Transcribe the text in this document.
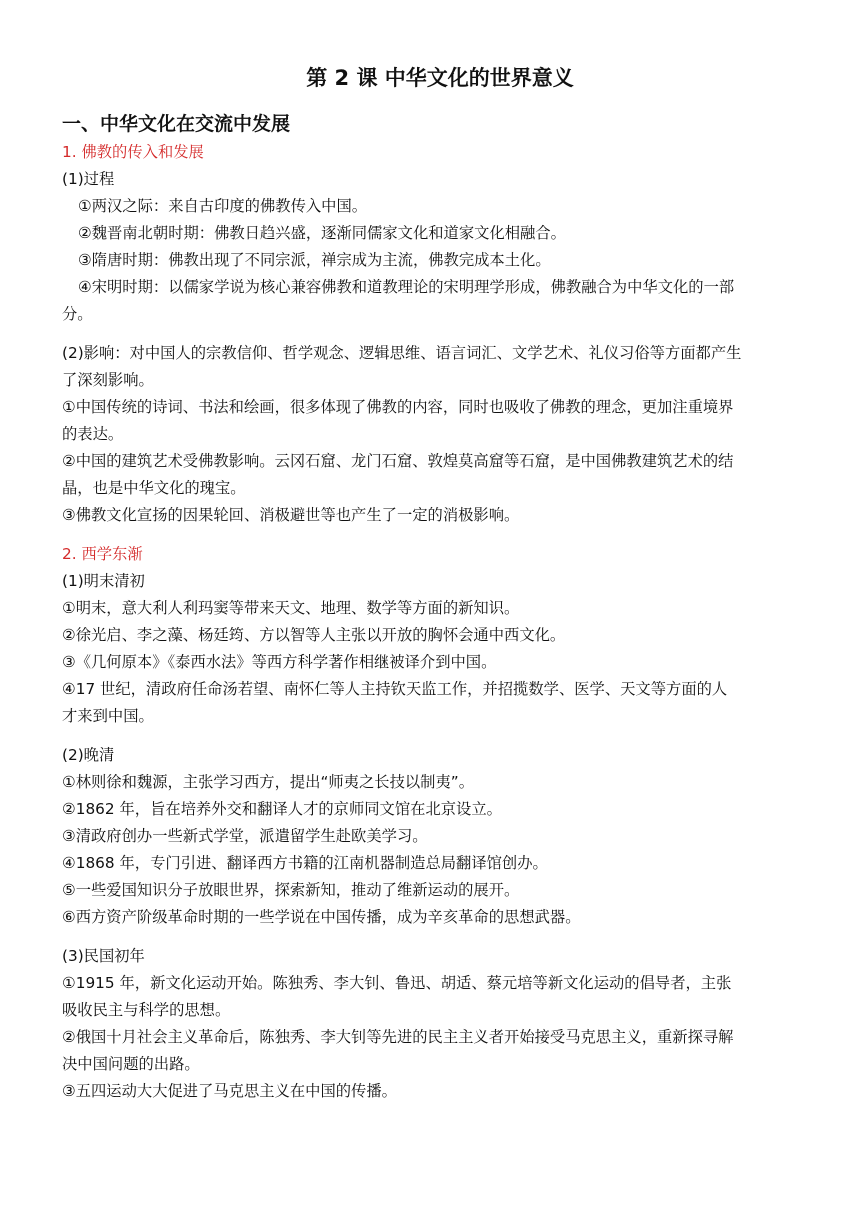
第 2 课 中华文化的世界意义
一、中华文化在交流中发展

1. 佛教的传入和发展

(1)过程

①两汉之际：来自古印度的佛教传入中国。

②魏晋南北朝时期：佛教日趋兴盛，逐渐同儒家文化和道家文化相融合。

③隋唐时期：佛教出现了不同宗派，禅宗成为主流，佛教完成本土化。

④宋明时期：以儒家学说为核心兼容佛教和道教理论的宋明理学形成，佛教融合为中华文化的一部

分。

(2)影响：对中国人的宗教信仰、哲学观念、逻辑思维、语言词汇、文学艺术、礼仪习俗等方面都产生

了深刻影响。

①中国传统的诗词、书法和绘画，很多体现了佛教的内容，同时也吸收了佛教的理念，更加注重境界

的表达。

②中国的建筑艺术受佛教影响。云冈石窟、龙门石窟、敦煌莫高窟等石窟，是中国佛教建筑艺术的结

晶，也是中华文化的瑰宝。

③佛教文化宣扬的因果轮回、消极避世等也产生了一定的消极影响。

2. 西学东渐

(1)明末清初

①明末，意大利人利玛窦等带来天文、地理、数学等方面的新知识。

②徐光启、李之藻、杨廷筠、方以智等人主张以开放的胸怀会通中西文化。

③《几何原本》《泰西水法》等西方科学著作相继被译介到中国。

④17 世纪，清政府任命汤若望、南怀仁等人主持钦天监工作，并招揽数学、医学、天文等方面的人

才来到中国。

(2)晚清

①林则徐和魏源，主张学习西方，提出“师夷之长技以制夷”。

②1862 年，旨在培养外交和翻译人才的京师同文馆在北京设立。

③清政府创办一些新式学堂，派遣留学生赴欧美学习。

④1868 年，专门引进、翻译西方书籍的江南机器制造总局翻译馆创办。

⑤一些爱国知识分子放眼世界，探索新知，推动了维新运动的展开。

⑥西方资产阶级革命时期的一些学说在中国传播，成为辛亥革命的思想武器。

(3)民国初年

①1915 年，新文化运动开始。陈独秀、李大钊、鲁迅、胡适、蔡元培等新文化运动的倡导者，主张

吸收民主与科学的思想。

②俄国十月社会主义革命后，陈独秀、李大钊等先进的民主主义者开始接受马克思主义，重新探寻解

决中国问题的出路。

③五四运动大大促进了马克思主义在中国的传播。
